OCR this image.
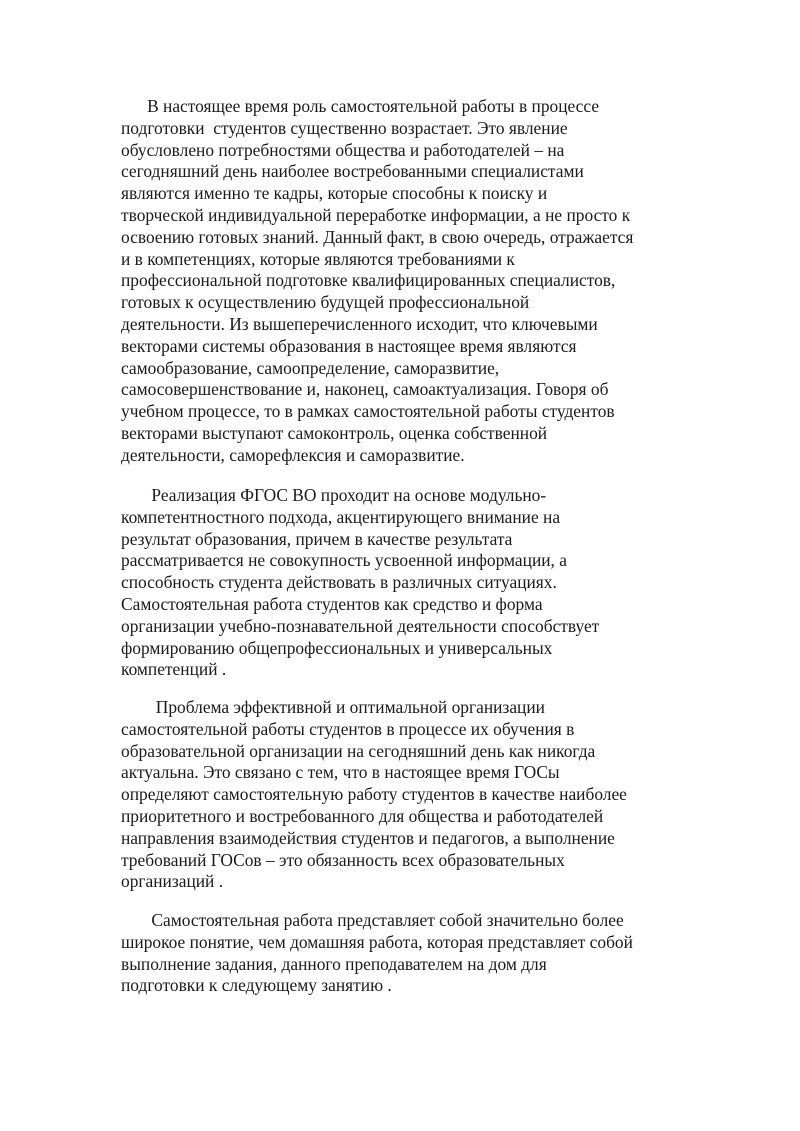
В настоящее время роль самостоятельной работы в процессе
подготовки  студентов существенно возрастает. Это явление
обусловлено потребностями общества и работодателей – на
сегодняшний день наиболее востребованными специалистами
являются именно те кадры, которые способны к поиску и
творческой индивидуальной переработке информации, а не просто к
освоению готовых знаний. Данный факт, в свою очередь, отражается
и в компетенциях, которые являются требованиями к
профессиональной подготовке квалифицированных специалистов,
готовых к осуществлению будущей профессиональной
деятельности. Из вышеперечисленного исходит, что ключевыми
векторами системы образования в настоящее время являются
самообразование, самоопределение, саморазвитие,
самосовершенствование и, наконец, самоактуализация. Говоря об
учебном процессе, то в рамках самостоятельной работы студентов
векторами выступают самоконтроль, оценка собственной
деятельности, саморефлексия и саморазвитие.
Реализация ФГОС ВО проходит на основе модульно-
компетентностного подхода, акцентирующего внимание на
результат образования, причем в качестве результата
рассматривается не совокупность усвоенной информации, а
способность студента действовать в различных ситуациях.
Самостоятельная работа студентов как средство и форма
организации учебно-познавательной деятельности способствует
формированию общепрофессиональных и универсальных
компетенций .
Проблема эффективной и оптимальной организации
самостоятельной работы студентов в процессе их обучения в
образовательной организации на сегодняшний день как никогда
актуальна. Это связано с тем, что в настоящее время ГОСы
определяют самостоятельную работу студентов в качестве наиболее
приоритетного и востребованного для общества и работодателей
направления взаимодействия студентов и педагогов, а выполнение
требований ГОСов – это обязанность всех образовательных
организаций .
Самостоятельная работа представляет собой значительно более
широкое понятие, чем домашняя работа, которая представляет собой
выполнение задания, данного преподавателем на дом для
подготовки к следующему занятию .
